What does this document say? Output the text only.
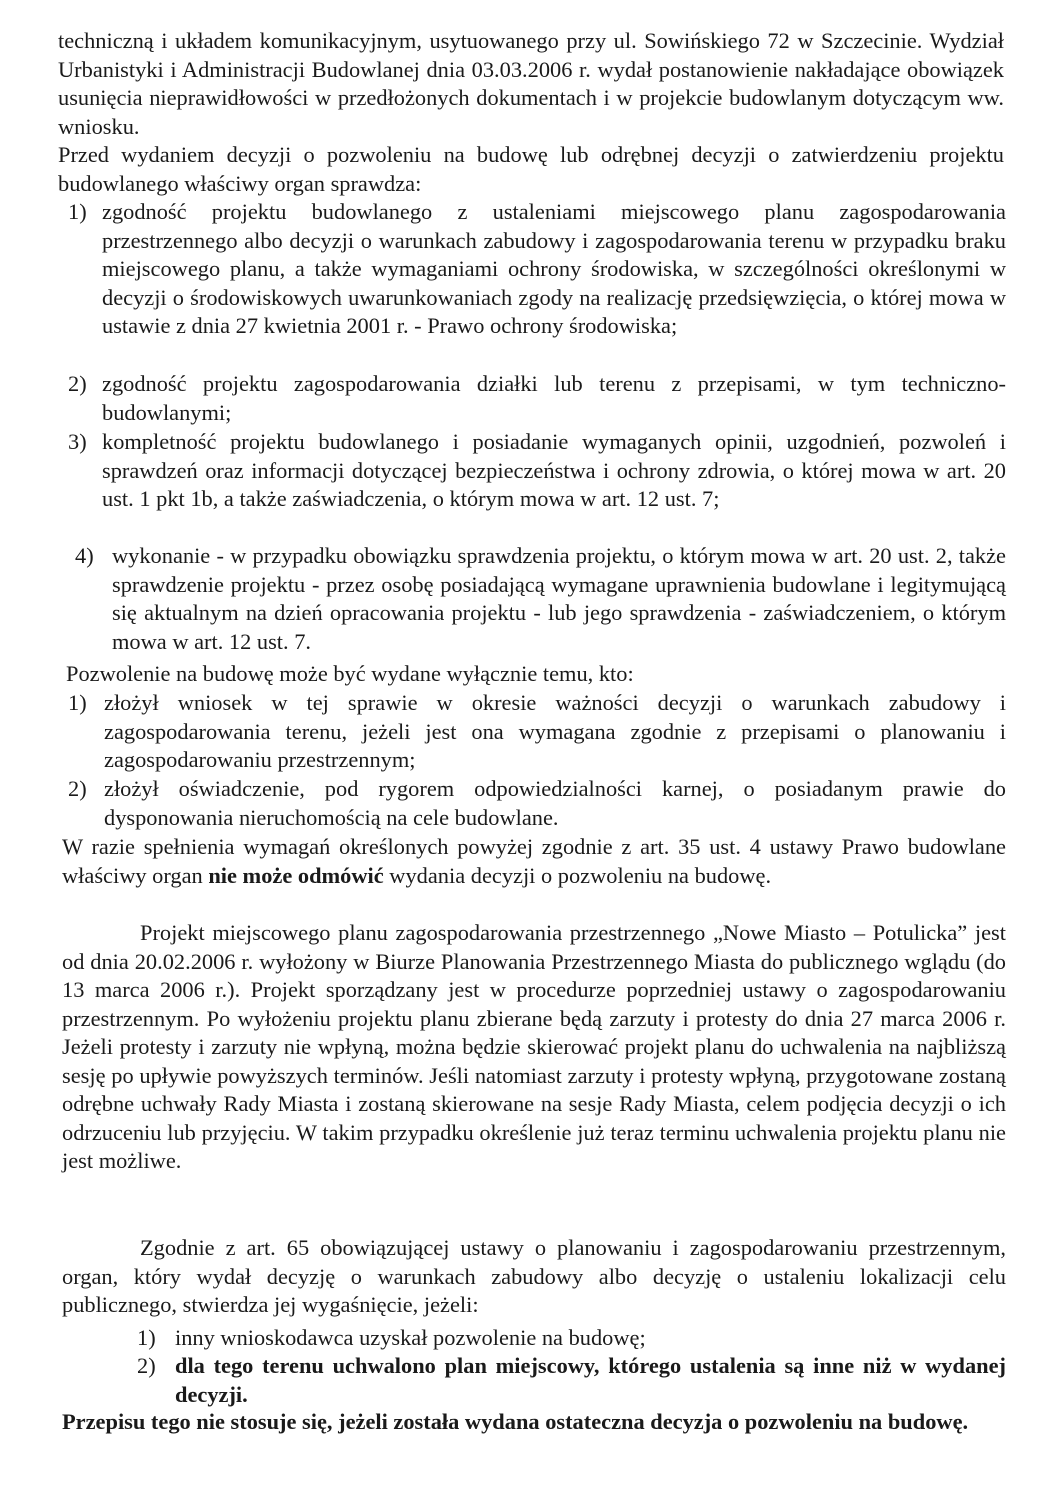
techniczną i układem komunikacyjnym, usytuowanego przy ul. Sowińskiego 72 w Szczecinie. Wydział Urbanistyki i Administracji Budowlanej dnia 03.03.2006 r. wydał postanowienie nakładające obowiązek usunięcia nieprawidłowości w przedłożonych dokumentach i w projekcie budowlanym dotyczącym ww. wniosku.

Przed wydaniem decyzji o pozwoleniu na budowę lub odrębnej decyzji o zatwierdzeniu projektu budowlanego właściwy organ sprawdza:

1) zgodność projektu budowlanego z ustaleniami miejscowego planu zagospodarowania przestrzennego albo decyzji o warunkach zabudowy i zagospodarowania terenu w przypadku braku miejscowego planu, a także wymaganiami ochrony środowiska, w szczególności określonymi w decyzji o środowiskowych uwarunkowaniach zgody na realizację przedsięwzięcia, o której mowa w ustawie z dnia 27 kwietnia 2001 r. - Prawo ochrony środowiska;
2) zgodność projektu zagospodarowania działki lub terenu z przepisami, w tym techniczno-budowlanymi;
3) kompletność projektu budowlanego i posiadanie wymaganych opinii, uzgodnień, pozwoleń i sprawdzeń oraz informacji dotyczącej bezpieczeństwa i ochrony zdrowia, o której mowa w art. 20 ust. 1 pkt 1b, a także zaświadczenia, o którym mowa w art. 12 ust. 7;
4) wykonanie - w przypadku obowiązku sprawdzenia projektu, o którym mowa w art. 20 ust. 2, także sprawdzenie projektu - przez osobę posiadającą wymagane uprawnienia budowlane i legitymującą się aktualnym na dzień opracowania projektu - lub jego sprawdzenia - zaświadczeniem, o którym mowa w art. 12 ust. 7.

Pozwolenie na budowę może być wydane wyłącznie temu, kto:

1) złożył wniosek w tej sprawie w okresie ważności decyzji o warunkach zabudowy i zagospodarowania terenu, jeżeli jest ona wymagana zgodnie z przepisami o planowaniu i zagospodarowaniu przestrzennym;
2) złożył oświadczenie, pod rygorem odpowiedzialności karnej, o posiadanym prawie do dysponowania nieruchomością na cele budowlane.

W razie spełnienia wymagań określonych powyżej zgodnie z art. 35 ust. 4 ustawy Prawo budowlane właściwy organ nie może odmówić wydania decyzji o pozwoleniu na budowę.

Projekt miejscowego planu zagospodarowania przestrzennego „Nowe Miasto – Potulicka” jest od dnia 20.02.2006 r. wyłożony w Biurze Planowania Przestrzennego Miasta do publicznego wglądu (do 13 marca 2006 r.). Projekt sporządzany jest w procedurze poprzedniej ustawy o zagospodarowaniu przestrzennym. Po wyłożeniu projektu planu zbierane będą zarzuty i protesty do dnia 27 marca 2006 r. Jeżeli protesty i zarzuty nie wpłyną, można będzie skierować projekt planu do uchwalenia na najbliższą sesję po upływie powyższych terminów. Jeśli natomiast zarzuty i protesty wpłyną, przygotowane zostaną odrębne uchwały Rady Miasta i zostaną skierowane na sesje Rady Miasta, celem podjęcia decyzji o ich odrzuceniu lub przyjęciu. W takim przypadku określenie już teraz terminu uchwalenia projektu planu nie jest możliwe.

Zgodnie z art. 65 obowiązującej ustawy o planowaniu i zagospodarowaniu przestrzennym, organ, który wydał decyzję o warunkach zabudowy albo decyzję o ustaleniu lokalizacji celu publicznego, stwierdza jej wygaśnięcie, jeżeli:

1) inny wnioskodawca uzyskał pozwolenie na budowę;
2) dla tego terenu uchwalono plan miejscowy, którego ustalenia są inne niż w wydanej decyzji.

Przepisu tego nie stosuje się, jeżeli została wydana ostateczna decyzja o pozwoleniu na budowę.
